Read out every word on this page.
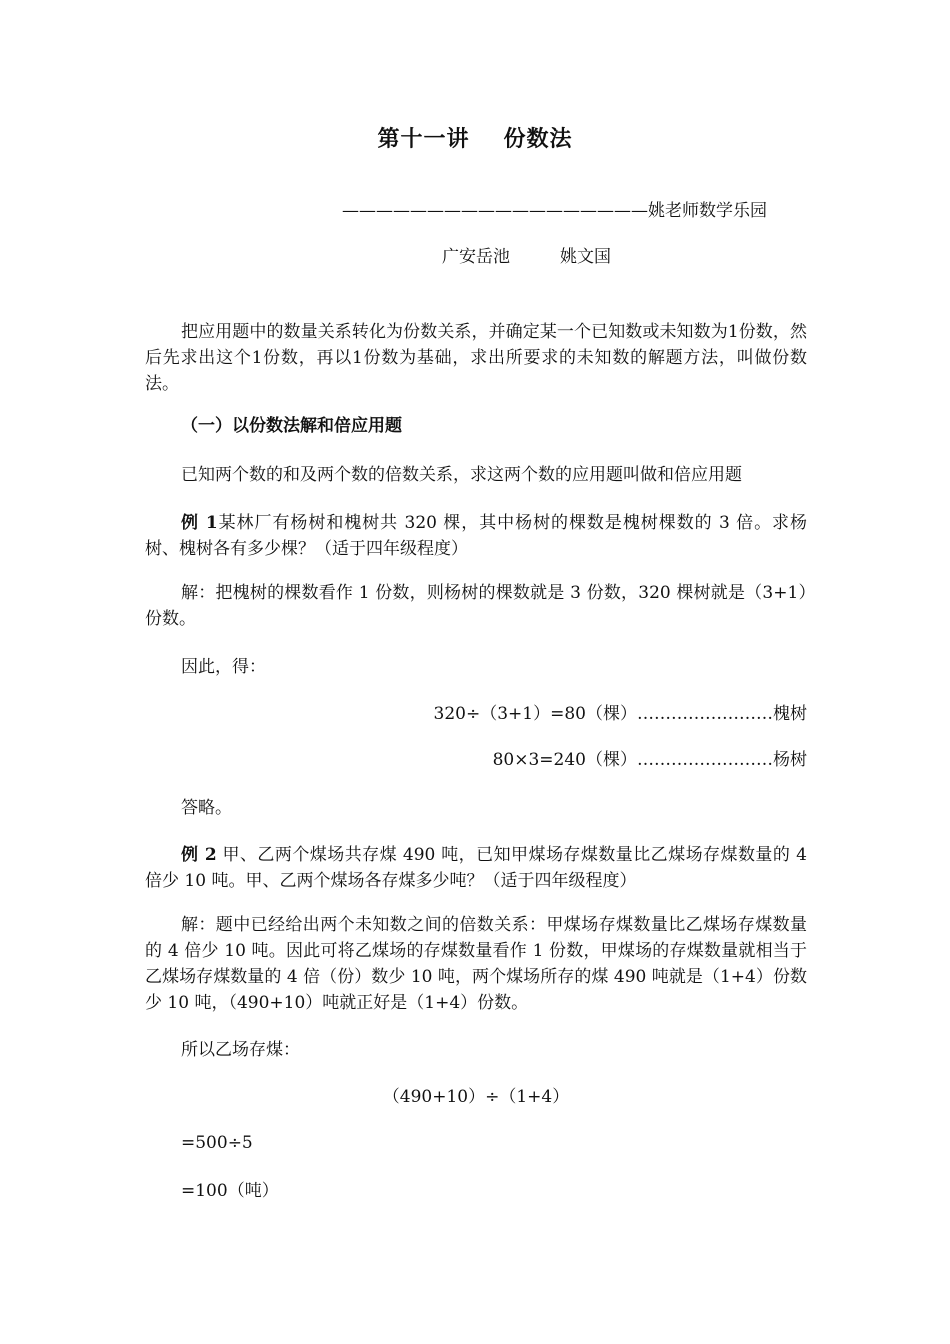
第十一讲 份数法
——————————————————姚老师数学乐园
广安岳池	姚文国
把应用题中的数量关系转化为份数关系，并确定某一个已知数或未知数为1份数，然后先求出这个1份数，再以1份数为基础，求出所要求的未知数的解题方法，叫做份数法。
（一）以份数法解和倍应用题
已知两个数的和及两个数的倍数关系，求这两个数的应用题叫做和倍应用题
例 1某林厂有杨树和槐树共 320 棵，其中杨树的棵数是槐树棵数的 3 倍。求杨树、槐树各有多少棵？（适于四年级程度）
解：把槐树的棵数看作 1 份数，则杨树的棵数就是 3 份数，320 棵树就是（3+1）份数。
因此，得：
320÷（3+1）=80（棵）……………………槐树
80×3=240（棵）……………………杨树
答略。
例 2 甲、乙两个煤场共存煤 490 吨，已知甲煤场存煤数量比乙煤场存煤数量的 4 倍少 10 吨。甲、乙两个煤场各存煤多少吨？（适于四年级程度）
解：题中已经给出两个未知数之间的倍数关系：甲煤场存煤数量比乙煤场存煤数量的 4 倍少 10 吨。因此可将乙煤场的存煤数量看作 1 份数，甲煤场的存煤数量就相当于乙煤场存煤数量的 4 倍（份）数少 10 吨，两个煤场所存的煤 490 吨就是（1+4）份数少 10 吨，（490+10）吨就正好是（1+4）份数。
所以乙场存煤：
（490+10）÷（1+4）
=500÷5
=100（吨）
